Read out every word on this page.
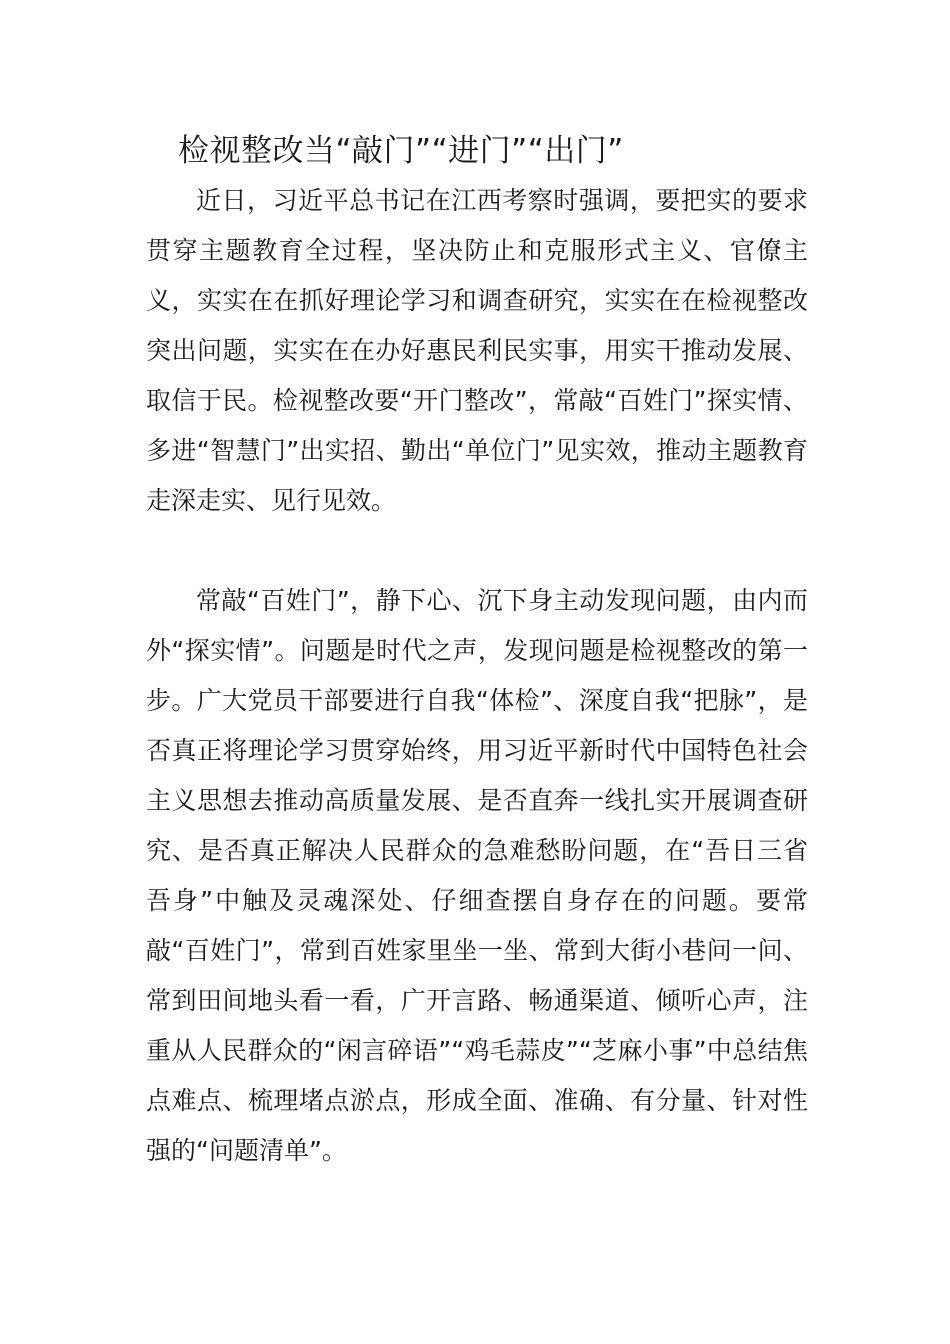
检视整改当“敲门”“进门”“出门”

近日，习近平总书记在江西考察时强调，要把实的要求贯穿主题教育全过程，坚决防止和克服形式主义、官僚主义，实实在在抓好理论学习和调查研究，实实在在检视整改突出问题，实实在在办好惠民利民实事，用实干推动发展、取信于民。检视整改要“开门整改”，常敲“百姓门”探实情、多进“智慧门”出实招、勤出“单位门”见实效，推动主题教育走深走实、见行见效。

常敲“百姓门”，静下心、沉下身主动发现问题，由内而外“探实情”。问题是时代之声，发现问题是检视整改的第一步。广大党员干部要进行自我“体检”、深度自我“把脉”，是否真正将理论学习贯穿始终，用习近平新时代中国特色社会主义思想去推动高质量发展、是否直奔一线扎实开展调查研究、是否真正解决人民群众的急难愁盼问题，在“吾日三省吾身”中触及灵魂深处、仔细查摆自身存在的问题。要常敲“百姓门”，常到百姓家里坐一坐、常到大街小巷问一问、常到田间地头看一看，广开言路、畅通渠道、倾听心声，注重从人民群众的“闲言碎语”“鸡毛蒜皮”“芝麻小事”中总结焦点难点、梳理堵点淤点，形成全面、准确、有分量、针对性强的“问题清单”。
